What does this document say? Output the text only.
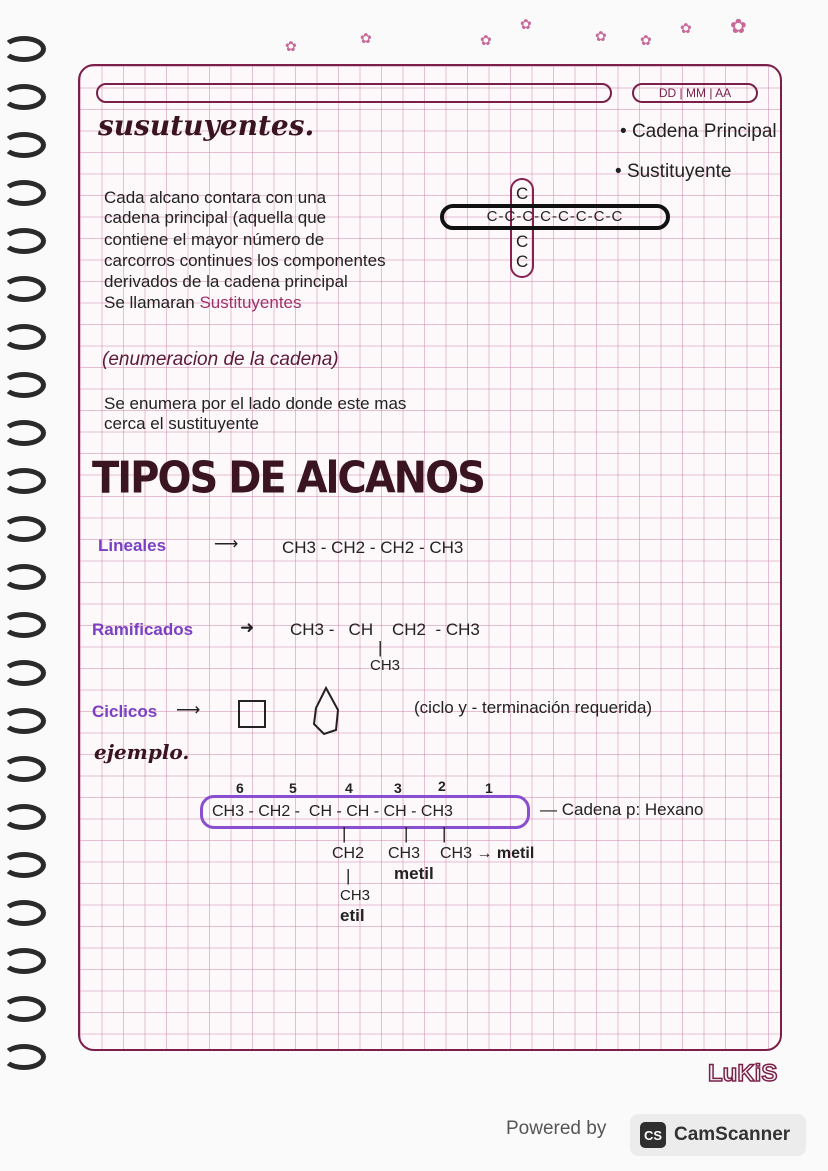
✿	✿	✿
✿
✿ ✿
✿ ✿
DD | MM | AA
susutuyentes.	• Cadena Principal
• Sustituyente
C
C-C-C-C-C-C-C-C
C
C
Cada alcano contara con una
cadena principal (aquella que
contiene el mayor número de
carcorros continues los componentes
derivados de la cadena principal
Se llamaran Sustituyentes
(enumeracion de la cadena)
Se enumera por el lado donde este mas
cerca el sustituyente
TIPOS DE AlCANOS
Lineales	⟶	CH3 - CH2 - CH2 - CH3
Ramificados	➜ CH3 -   CH    CH2  - CH3
|
CH3
Ciclicos ⟶	(ciclo y - terminación requerida)
ejemplo.
6	5	4	3	2	1
CH3 - CH2 -  CH - CH - CH - CH3	— Cadena p: Hexano
|	| |
CH2 CH3 CH3 → metil
metil
|
CH3
etil
LuKiS
Powered by	CS CamScanner
